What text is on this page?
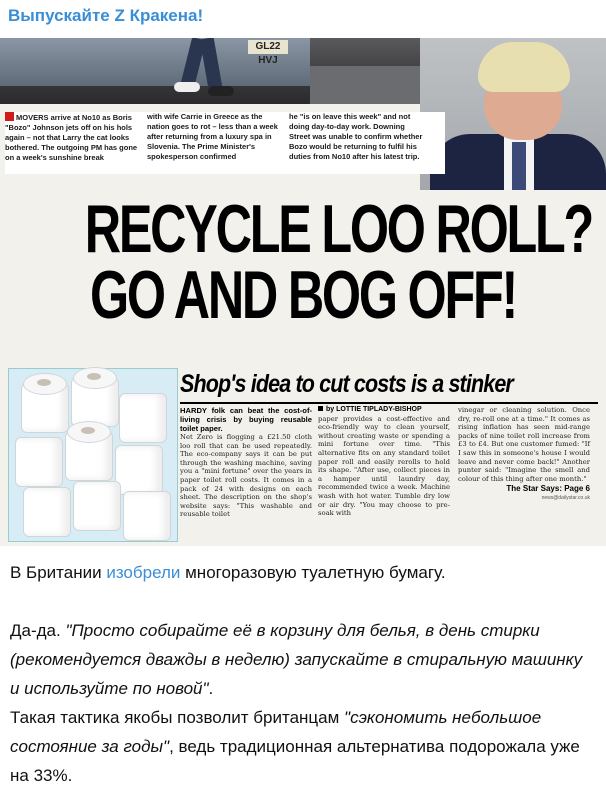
Выпускайте Z Кракена!
GL22 HVJ
MOVERS arrive at No10 as Boris "Bozo" Johnson jets off on his hols again – not that Larry the cat looks bothered. The outgoing PM has gone on a week's sunshine break
with wife Carrie in Greece as the nation goes to rot – less than a week after returning from a luxury spa in Slovenia. The Prime Minister's spokesperson confirmed
he "is on leave this week" and not doing day-to-day work. Downing Street was unable to confirm whether Bozo would be returning to fulfil his duties from No10 after his latest trip.
RECYCLE LOO ROLL?
GO AND BOG OFF!
Shop's idea to cut costs is a stinker
HARDY folk can beat the cost-of-living crisis by buying reusable toilet paper.
Net Zero is flogging a £21.50 cloth loo roll that can be used repeatedly. The eco-company says it can be put through the washing machine, saving you a "mini fortune" over the years in paper toilet roll costs. It comes in a pack of 24 with designs on each sheet. The description on the shop's website says: "This washable and reusable toilet
by LOTTIE TIPLADY-BISHOP
paper provides a cost-effective and eco-friendly way to clean yourself, without creating waste or spending a mini fortune over time. "This alternative fits on any standard toilet paper roll and easily rerolls to hold its shape. "After use, collect pieces in a hamper until laundry day, recommended twice a week. Machine wash with hot water. Tumble dry low or air dry. "You may choose to pre-soak with
vinegar or cleaning solution. Once dry, re-roll one at a time." It comes as rising inflation has seen mid-range packs of nine toilet roll increase from £3 to £4. But one customer fumed: "If I saw this in someone's house I would leave and never come back!" Another punter said: "Imagine the smell and colour of this thing after one month."
The Star Says: Page 6
news@dailystar.co.uk

В Британии изобрели многоразовую туалетную бумагу.

Да-да. "Просто собирайте её в корзину для белья, в день стирки (рекомендуется дважды в неделю) запускайте в стиральную машинку и используйте по новой".

Такая тактика якобы позволит британцам "сэкономить небольшое состояние за годы", ведь традиционная альтернатива подорожала уже на 33%.
